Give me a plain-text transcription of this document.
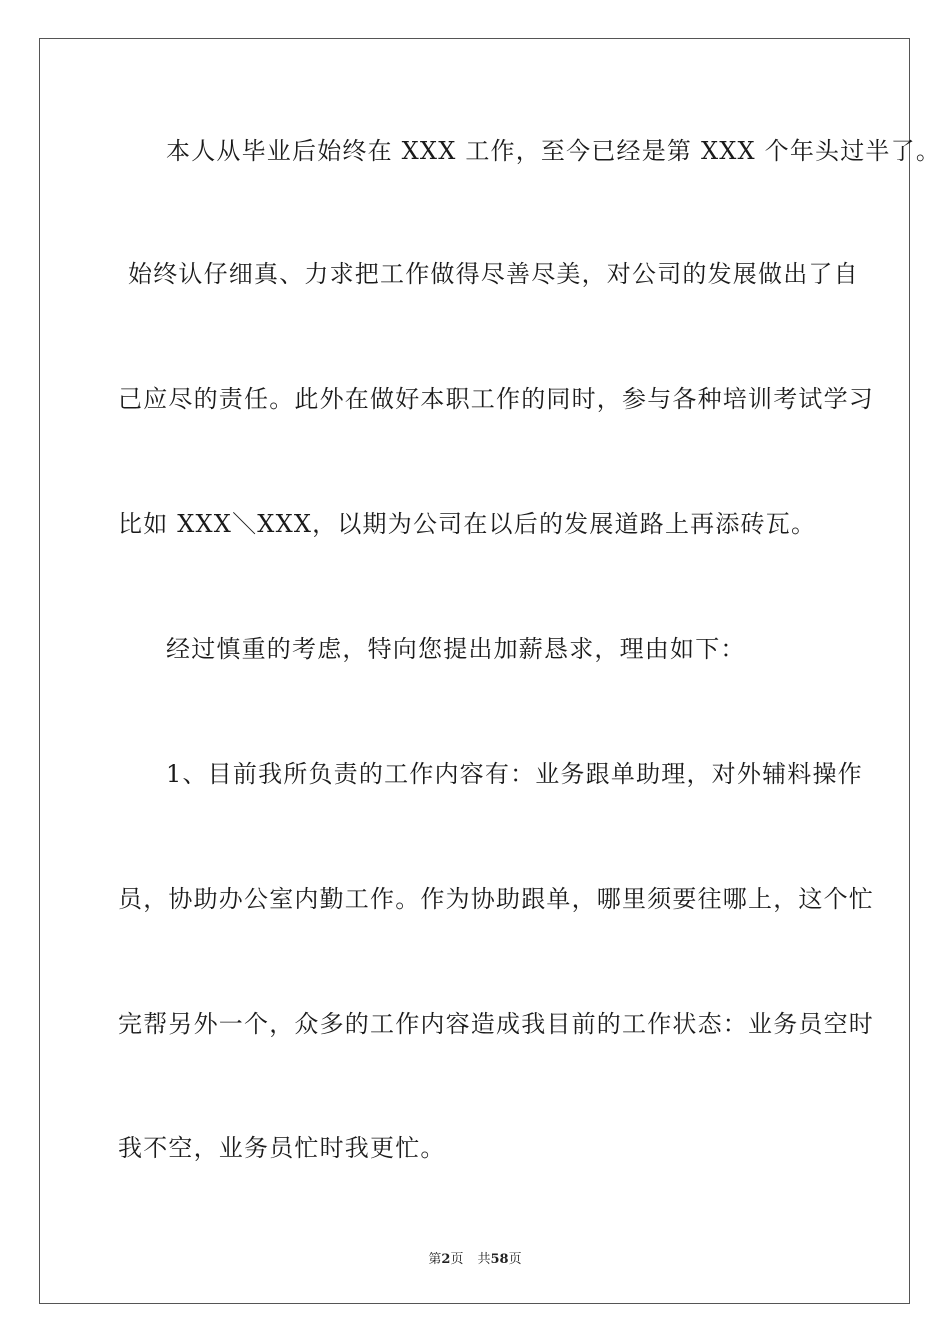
本人从毕业后始终在 XXX 工作，至今已经是第 XXX 个年头过半了。
始终认仔细真、力求把工作做得尽善尽美，对公司的发展做出了自
己应尽的责任。此外在做好本职工作的同时，参与各种培训考试学习
比如 XXX＼XXX，以期为公司在以后的发展道路上再添砖瓦。
经过慎重的考虑，特向您提出加薪恳求，理由如下：
1、目前我所负责的工作内容有：业务跟单助理，对外辅料操作
员，协助办公室内勤工作。作为协助跟单，哪里须要往哪上，这个忙
完帮另外一个，众多的工作内容造成我目前的工作状态：业务员空时
我不空，业务员忙时我更忙。
第2页 共58页
